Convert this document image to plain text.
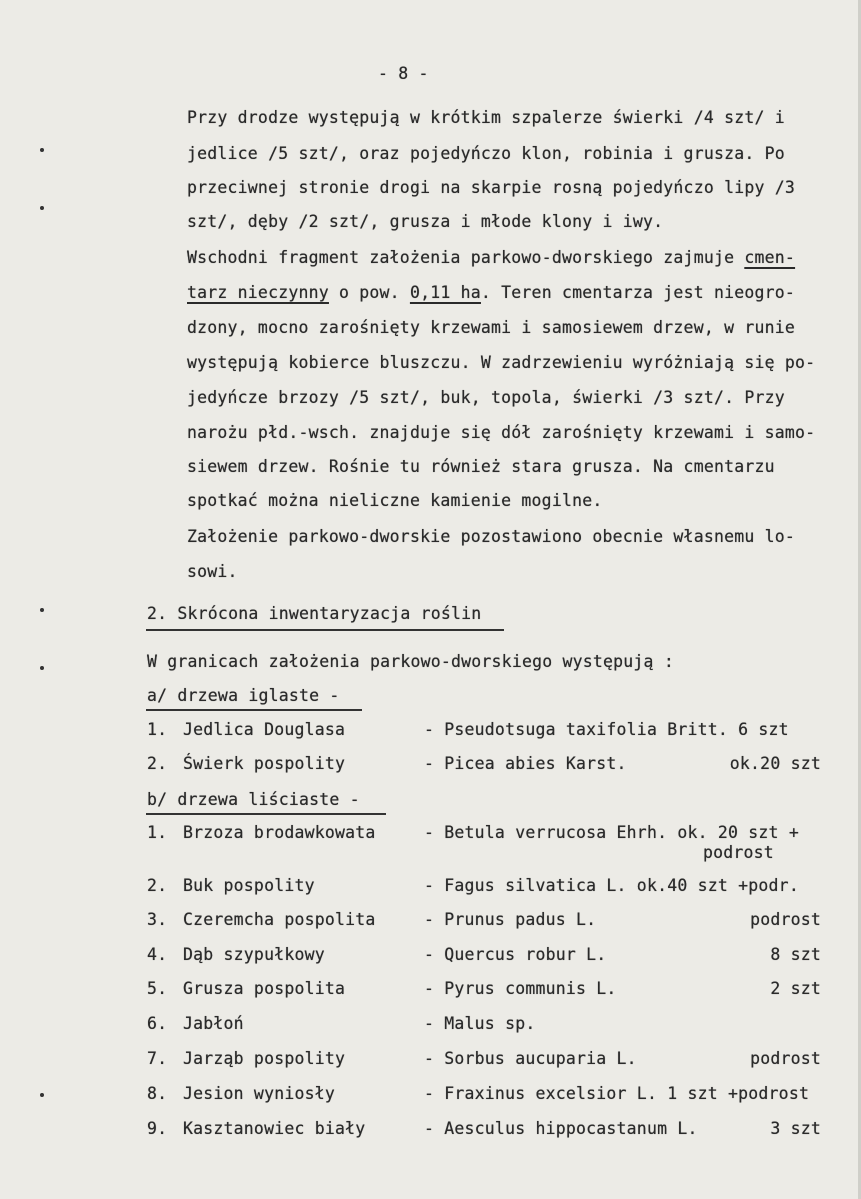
- 8 -
Przy drodze występują w krótkim szpalerze świerki /4 szt/ i
jedlice /5 szt/, oraz pojedyńczo klon, robinia i grusza. Po
przeciwnej stronie drogi na skarpie rosną pojedyńczo lipy /3
szt/, dęby /2 szt/, grusza i młode klony i iwy.
Wschodni fragment założenia parkowo-dworskiego zajmuje cmen-
tarz nieczynny o pow. 0,11 ha. Teren cmentarza jest nieogro-
dzony, mocno zarośnięty krzewami i samosiewem drzew, w runie
występują kobierce bluszczu. W zadrzewieniu wyróżniają się po-
jedyńcze brzozy /5 szt/, buk, topola, świerki /3 szt/. Przy
narożu płd.-wsch. znajduje się dół zarośnięty krzewami i samo-
siewem drzew. Rośnie tu również stara grusza. Na cmentarzu
spotkać można nieliczne kamienie mogilne.
Założenie parkowo-dworskie pozostawiono obecnie własnemu lo-
sowi.
2. Skrócona inwentaryzacja roślin
W granicach założenia parkowo-dworskiego występują :
a/ drzewa iglaste -
1. Jedlica Douglasa	- Pseudotsuga taxifolia Britt. 6 szt
2. Świerk pospolity	- Picea abies Karst.	ok.20 szt
b/ drzewa liściaste -
1. Brzoza brodawkowata	- Betula verrucosa Ehrh. ok. 20 szt +
podrost
2. Buk pospolity	- Fagus silvatica L. ok.40 szt +podr.
3. Czeremcha pospolita	- Prunus padus L.	podrost
4. Dąb szypułkowy	- Quercus robur L.	8 szt
5. Grusza pospolita	- Pyrus communis L.	2 szt
6. Jabłoń	- Malus sp.
7. Jarząb pospolity	- Sorbus aucuparia L.	podrost
8. Jesion wyniosły	- Fraxinus excelsior L. 1 szt +podrost
9. Kasztanowiec biały	- Aesculus hippocastanum L.	3 szt
